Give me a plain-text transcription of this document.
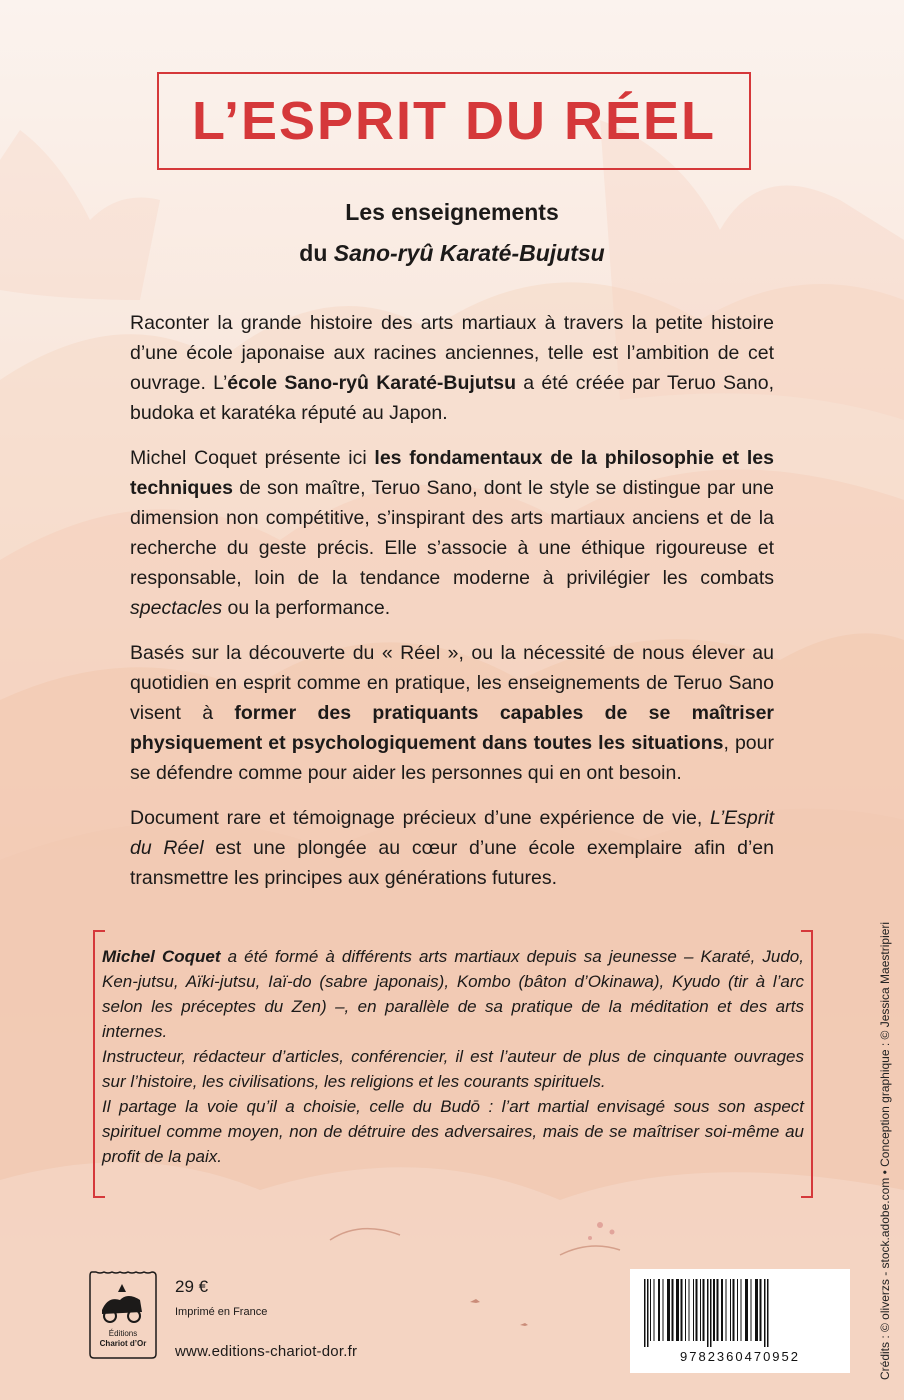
L’ESPRIT DU RÉEL
Les enseignements
du Sano-ryû Karaté-Bujutsu

Raconter la grande histoire des arts martiaux à travers la petite histoire d’une école japonaise aux racines anciennes, telle est l’ambition de cet ouvrage. L’école Sano-ryû Karaté-Bujutsu a été créée par Teruo Sano, budoka et karatéka réputé au Japon.

Michel Coquet présente ici les fondamentaux de la philosophie et les techniques de son maître, Teruo Sano, dont le style se distingue par une dimension non compétitive, s’inspirant des arts martiaux anciens et de la recherche du geste précis. Elle s’associe à une éthique rigoureuse et responsable, loin de la tendance moderne à privilégier les combats spectacles ou la performance.

Basés sur la découverte du « Réel », ou la nécessité de nous élever au quotidien en esprit comme en pratique, les enseignements de Teruo Sano visent à former des pratiquants capables de se maîtriser physiquement et psychologiquement dans toutes les situations, pour se défendre comme pour aider les personnes qui en ont besoin.

Document rare et témoignage précieux d’une expérience de vie, L’Esprit du Réel est une plongée au cœur d’une école exemplaire afin d’en transmettre les principes aux générations futures.

Michel Coquet a été formé à différents arts martiaux depuis sa jeunesse – Karaté, Judo, Ken-jutsu, Aïki-jutsu, Iaï-do (sabre japonais), Kombo (bâton d’Okinawa), Kyudo (tir à l’arc selon les préceptes du Zen) –, en parallèle de sa pratique de la méditation et des arts internes.

Instructeur, rédacteur d’articles, conférencier, il est l’auteur de plus de cinquante ouvrages sur l’histoire, les civilisations, les religions et les courants spirituels.

Il partage la voie qu’il a choisie, celle du Budō : l’art martial envisagé sous son aspect spirituel comme moyen, non de détruire des adversaires, mais de se maîtriser soi-même au profit de la paix.

Éditions
Chariot d’Or
29 €
Imprimé en France
www.editions-chariot-dor.fr	9782360470952	Crédits : © oliverzs - stock.adobe.com • Conception graphique : © Jessica Maestripieri
